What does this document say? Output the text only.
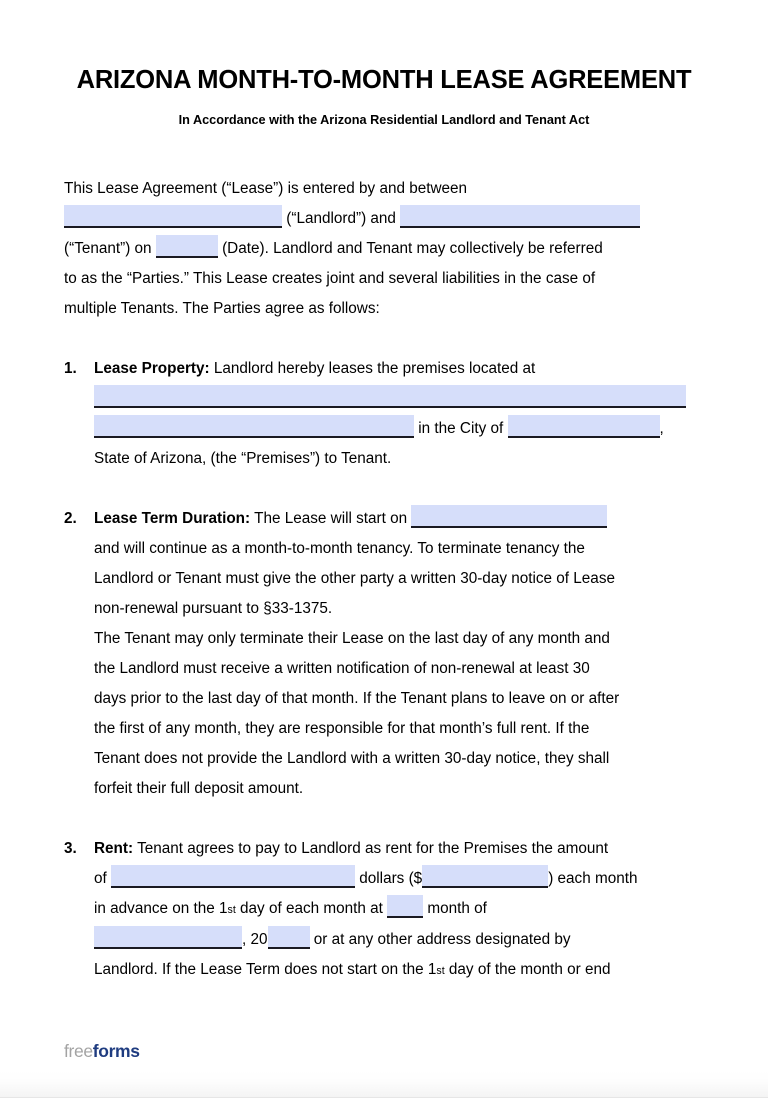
ARIZONA MONTH-TO-MONTH LEASE AGREEMENT
In Accordance with the Arizona Residential Landlord and Tenant Act
This Lease Agreement (“Lease”) is entered by and between
(“Landlord”) and
(“Tenant”) on	(Date). Landlord and Tenant may collectively be referred
to as the “Parties.” This Lease creates joint and several liabilities in the case of
multiple Tenants. The Parties agree as follows:
1. Lease Property: Landlord hereby leases the premises located at

in the City of	,
State of Arizona, (the “Premises”) to Tenant.
2. Lease Term Duration: The Lease will start on
and will continue as a month-to-month tenancy. To terminate tenancy the
Landlord or Tenant must give the other party a written 30-day notice of Lease
non-renewal pursuant to §33-1375.
The Tenant may only terminate their Lease on the last day of any month and
the Landlord must receive a written notification of non-renewal at least 30
days prior to the last day of that month. If the Tenant plans to leave on or after
the first of any month, they are responsible for that month’s full rent. If the
Tenant does not provide the Landlord with a written 30-day notice, they shall
forfeit their full deposit amount.
3. Rent: Tenant agrees to pay to Landlord as rent for the Premises the amount
of	dollars ($	) each month
in advance on the 1st day of each month at	month of
, 20	or at any other address designated by
Landlord. If the Lease Term does not start on the 1st day of the month or end
freeforms
